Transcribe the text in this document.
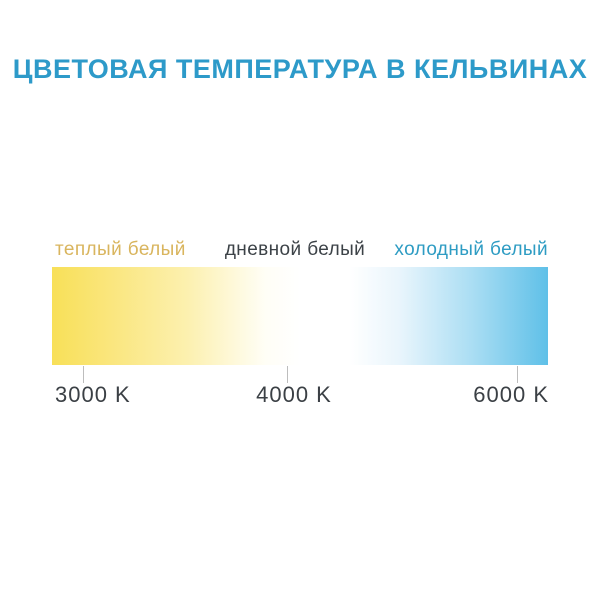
ЦВЕТОВАЯ ТЕМПЕРАТУРА В КЕЛЬВИНАХ
теплый белый дневной белый холодный белый
3000 K	4000 K	6000 K
